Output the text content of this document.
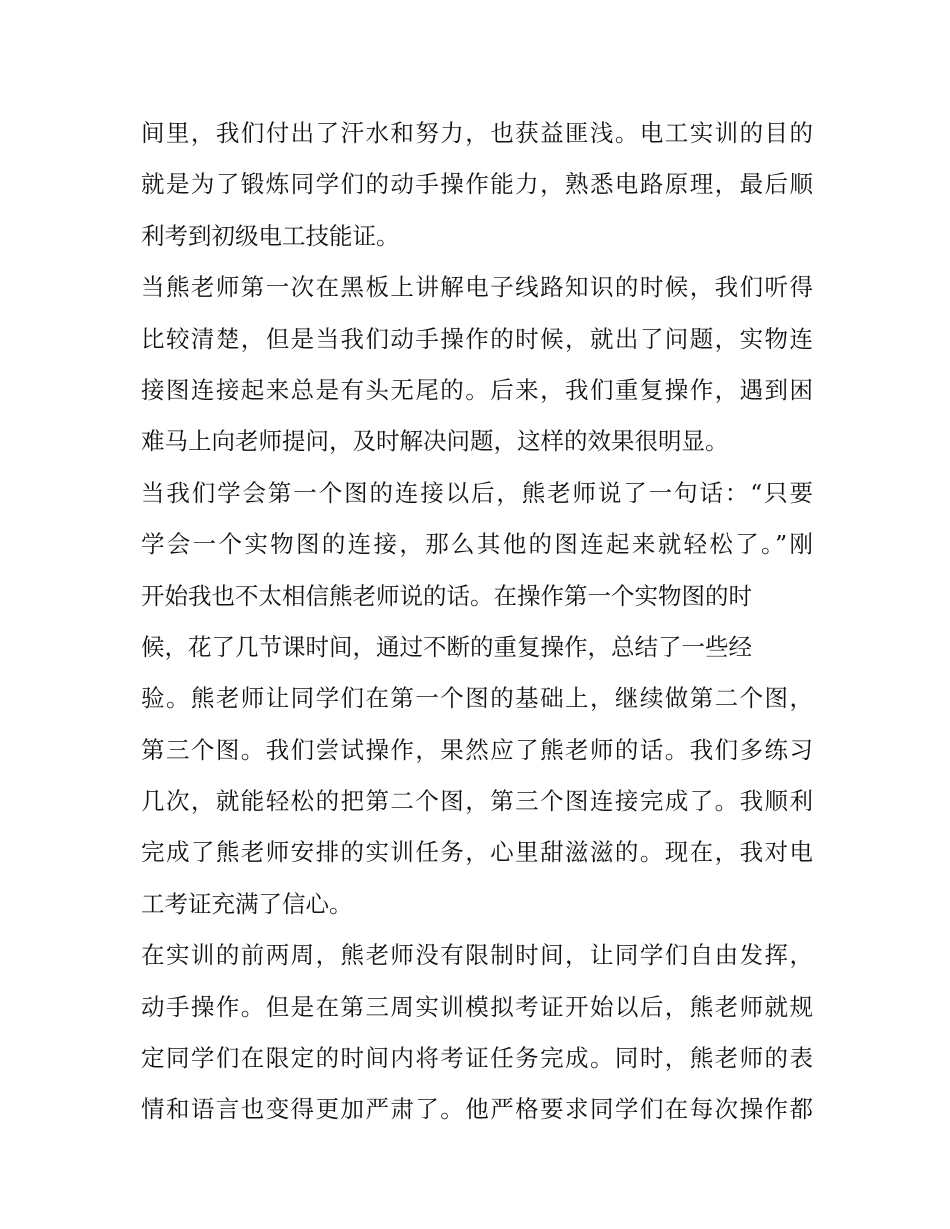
间里，我们付出了汗水和努力，也获益匪浅。电工实训的目的
就是为了锻炼同学们的动手操作能力，熟悉电路原理，最后顺
利考到初级电工技能证。
当熊老师第一次在黑板上讲解电子线路知识的时候，我们听得
比较清楚，但是当我们动手操作的时候，就出了问题，实物连
接图连接起来总是有头无尾的。后来，我们重复操作，遇到困
难马上向老师提问，及时解决问题，这样的效果很明显。
当我们学会第一个图的连接以后，熊老师说了一句话：“只要
学会一个实物图的连接，那么其他的图连起来就轻松了。”刚
开始我也不太相信熊老师说的话。在操作第一个实物图的时
候，花了几节课时间，通过不断的重复操作，总结了一些经
验。熊老师让同学们在第一个图的基础上，继续做第二个图，
第三个图。我们尝试操作，果然应了熊老师的话。我们多练习
几次，就能轻松的把第二个图，第三个图连接完成了。我顺利
完成了熊老师安排的实训任务，心里甜滋滋的。现在，我对电
工考证充满了信心。
在实训的前两周，熊老师没有限制时间，让同学们自由发挥，
动手操作。但是在第三周实训模拟考证开始以后，熊老师就规
定同学们在限定的时间内将考证任务完成。同时，熊老师的表
情和语言也变得更加严肃了。他严格要求同学们在每次操作都
